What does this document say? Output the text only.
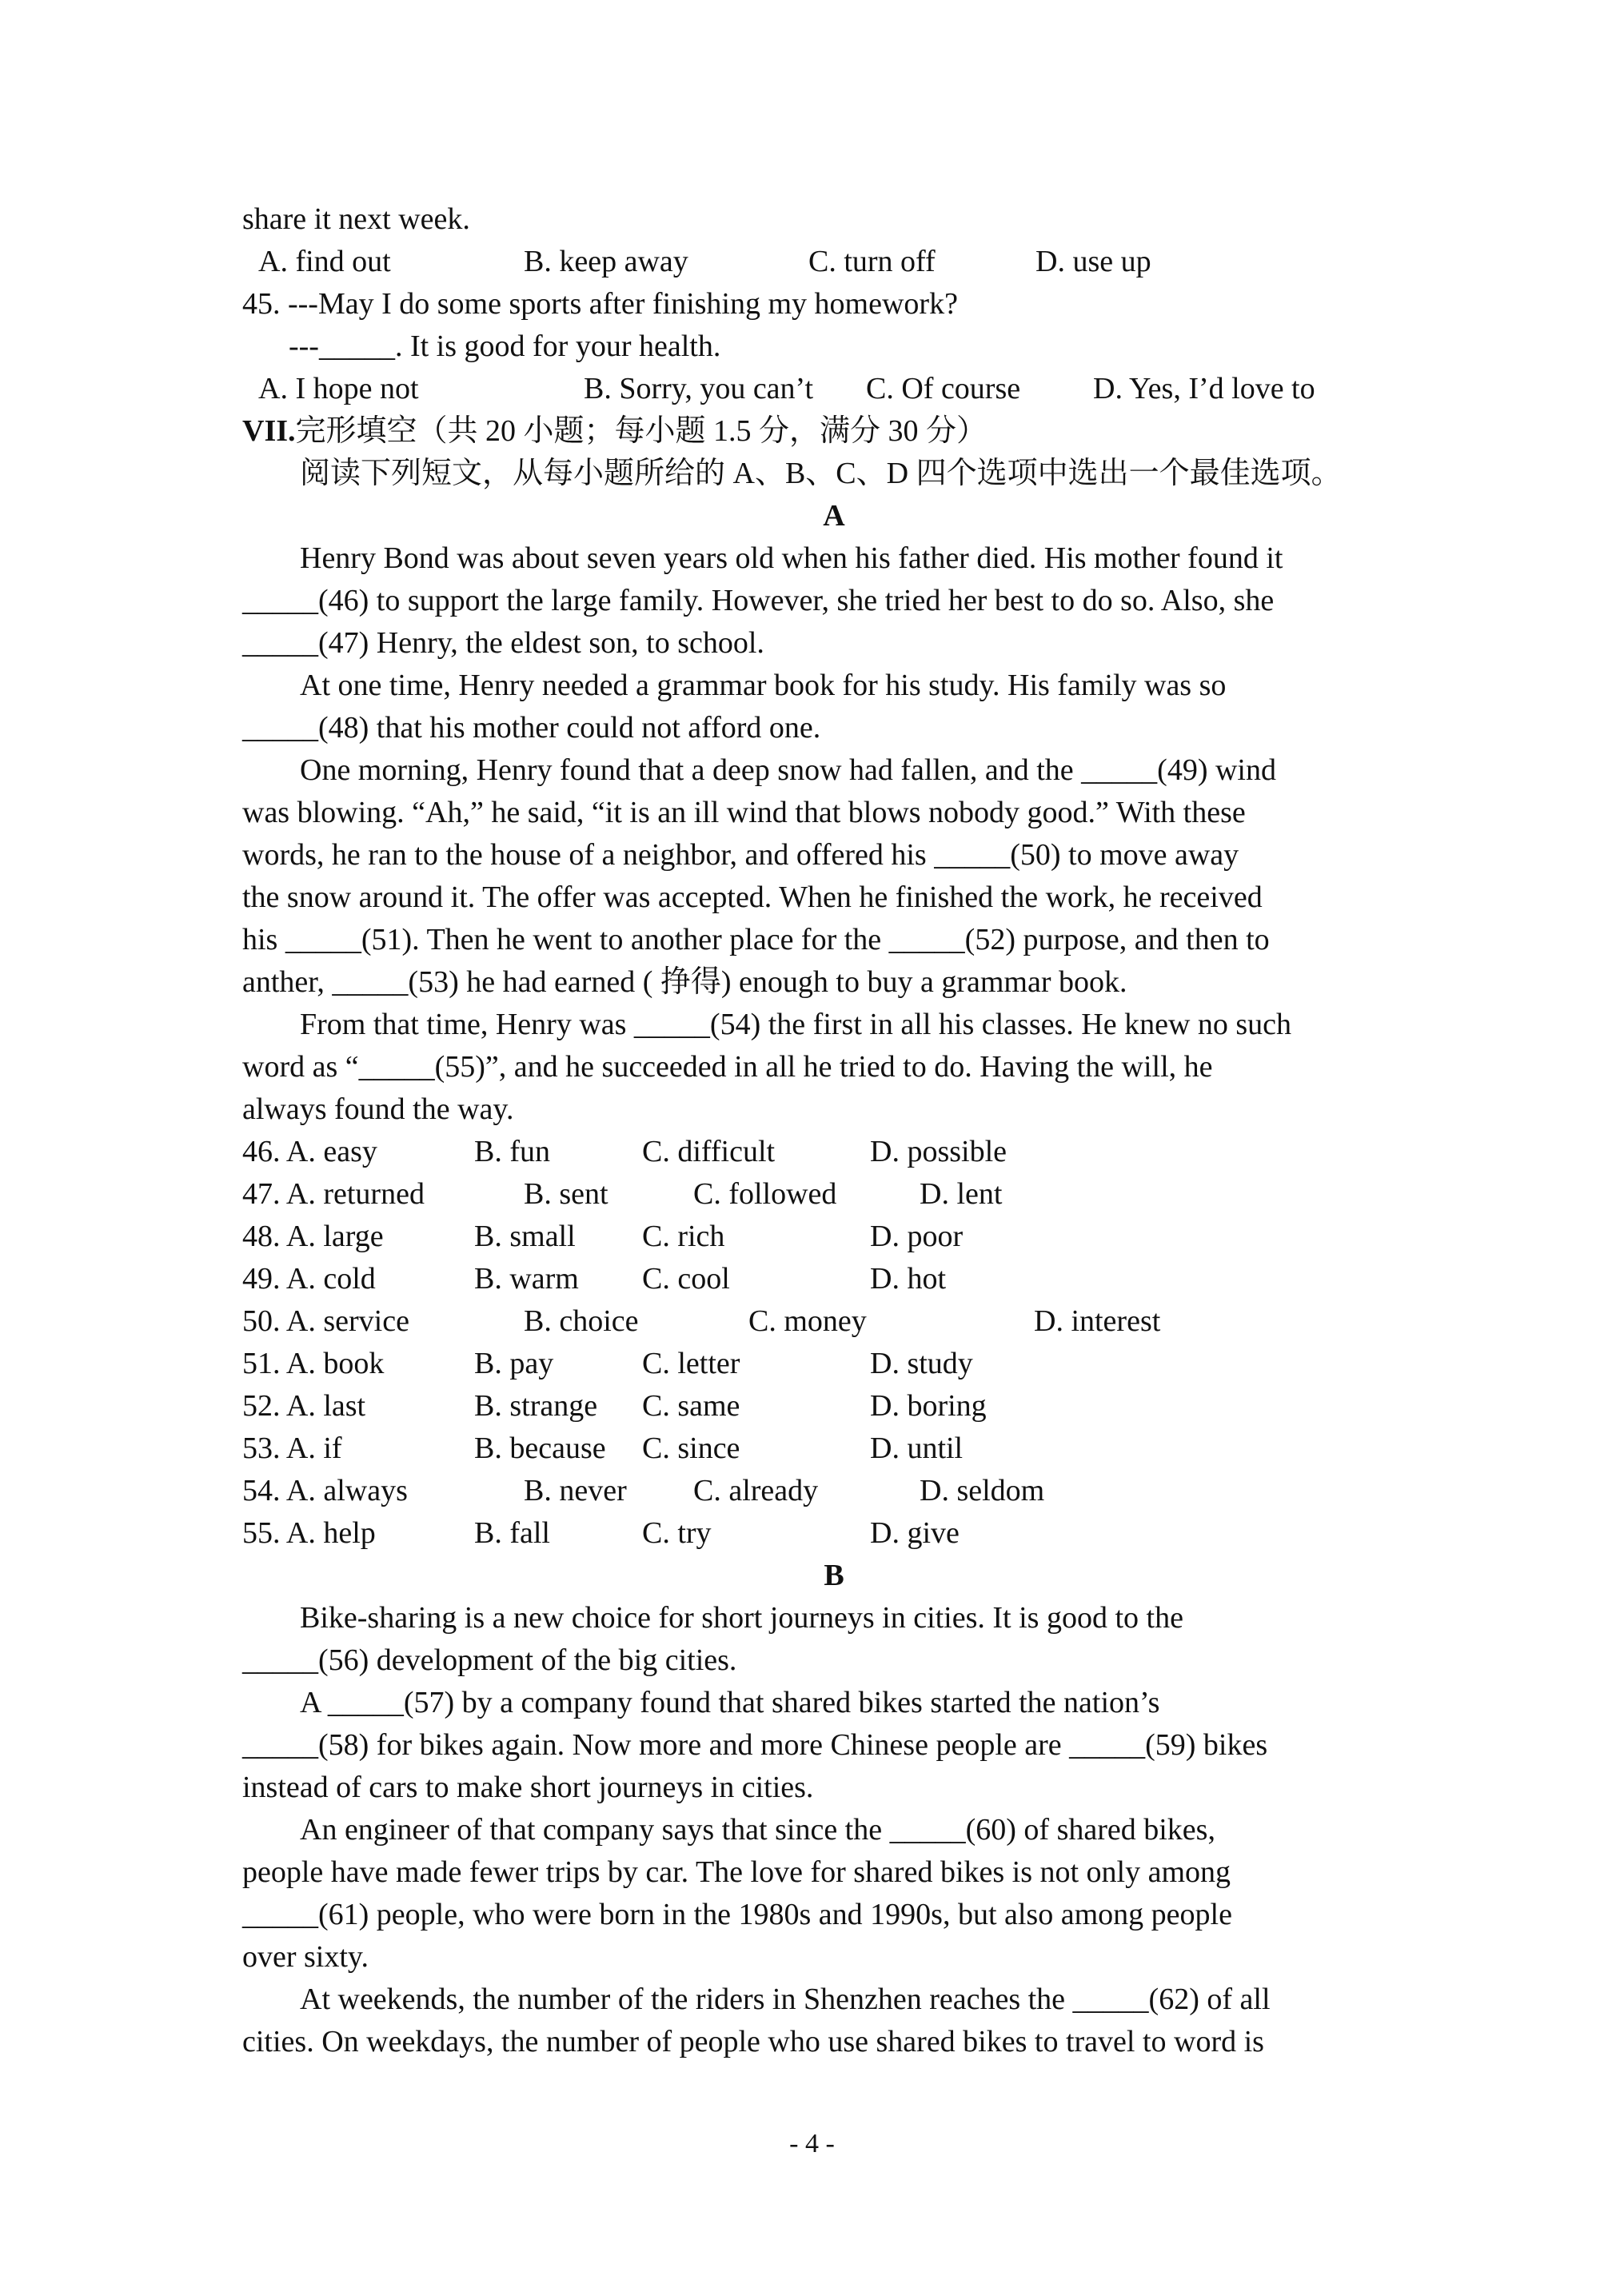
share it next week.
A. find out	B. keep away	C. turn off	D. use up
45. ---May I do some sports after finishing my homework?
---_____. It is good for your health.
A. I hope not	B. Sorry, you can’t	C. Of course	D. Yes, I’d love to
VII.完形填空（共 20 小题；每小题 1.5 分，满分 30 分）
阅读下列短文，从每小题所给的 A、B、C、D 四个选项中选出一个最佳选项。
A
Henry Bond was about seven years old when his father died. His mother found it
_____(46) to support the large family. However, she tried her best to do so. Also, she
_____(47) Henry, the eldest son, to school.
At one time, Henry needed a grammar book for his study. His family was so
_____(48) that his mother could not afford one.
One morning, Henry found that a deep snow had fallen, and the _____(49) wind
was blowing. “Ah,” he said, “it is an ill wind that blows nobody good.” With these
words, he ran to the house of a neighbor, and offered his _____(50) to move away
the snow around it. The offer was accepted. When he finished the work, he received
his _____(51). Then he went to another place for the _____(52) purpose, and then to
anther, _____(53) he had earned ( 挣得) enough to buy a grammar book.
From that time, Henry was _____(54) the first in all his classes. He knew no such
word as “_____(55)”, and he succeeded in all he tried to do. Having the will, he
always found the way.
46. A. easy	B. fun	C. difficult	D. possible
47. A. returned	B. sent	C. followed	D. lent
48. A. large	B. small	C. rich	D. poor
49. A. cold	B. warm	C. cool	D. hot
50. A. service	B. choice	C. money	D. interest
51. A. book	B. pay	C. letter	D. study
52. A. last	B. strange	C. same	D. boring
53. A. if	B. because	C. since	D. until
54. A. always	B. never	C. already	D. seldom
55. A. help	B. fall	C. try	D. give
B
Bike-sharing is a new choice for short journeys in cities. It is good to the
_____(56) development of the big cities.
A _____(57) by a company found that shared bikes started the nation’s
_____(58) for bikes again. Now more and more Chinese people are _____(59) bikes
instead of cars to make short journeys in cities.
An engineer of that company says that since the _____(60) of shared bikes,
people have made fewer trips by car. The love for shared bikes is not only among
_____(61) people, who were born in the 1980s and 1990s, but also among people
over sixty.
At weekends, the number of the riders in Shenzhen reaches the _____(62) of all
cities. On weekdays, the number of people who use shared bikes to travel to word is
- 4 -
